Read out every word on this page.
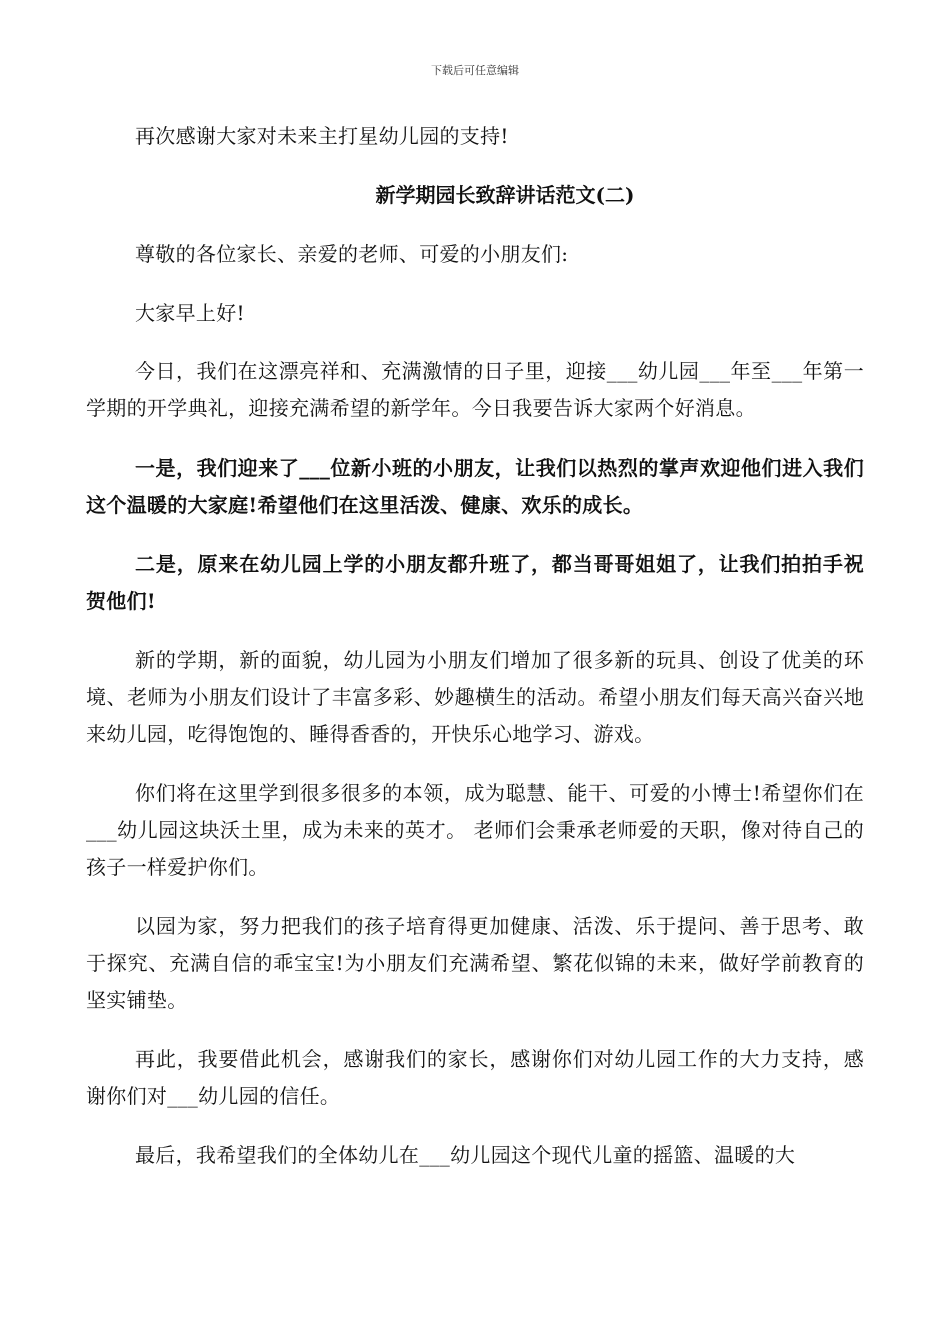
下载后可任意编辑

再次感谢大家对未来主打星幼儿园的支持!

新学期园长致辞讲话范文(二)

尊敬的各位家长、亲爱的老师、可爱的小朋友们:

大家早上好!

今日，我们在这漂亮祥和、充满激情的日子里，迎接___幼儿园___年至___年第一学期的开学典礼，迎接充满希望的新学年。今日我要告诉大家两个好消息。

一是，我们迎来了___位新小班的小朋友，让我们以热烈的掌声欢迎他们进入我们这个温暖的大家庭!希望他们在这里活泼、健康、欢乐的成长。

二是，原来在幼儿园上学的小朋友都升班了，都当哥哥姐姐了，让我们拍拍手祝贺他们!

新的学期，新的面貌，幼儿园为小朋友们增加了很多新的玩具、创设了优美的环境、老师为小朋友们设计了丰富多彩、妙趣横生的活动。希望小朋友们每天高兴奋兴地来幼儿园，吃得饱饱的、睡得香香的，开快乐心地学习、游戏。

你们将在这里学到很多很多的本领，成为聪慧、能干、可爱的小博士!希望你们在___幼儿园这块沃土里，成为未来的英才。 老师们会秉承老师爱的天职，像对待自己的孩子一样爱护你们。

以园为家，努力把我们的孩子培育得更加健康、活泼、乐于提问、善于思考、敢于探究、充满自信的乖宝宝!为小朋友们充满希望、繁花似锦的未来，做好学前教育的坚实铺垫。

再此，我要借此机会，感谢我们的家长，感谢你们对幼儿园工作的大力支持，感谢你们对___幼儿园的信任。

最后，我希望我们的全体幼儿在___幼儿园这个现代儿童的摇篮、温暖的大
